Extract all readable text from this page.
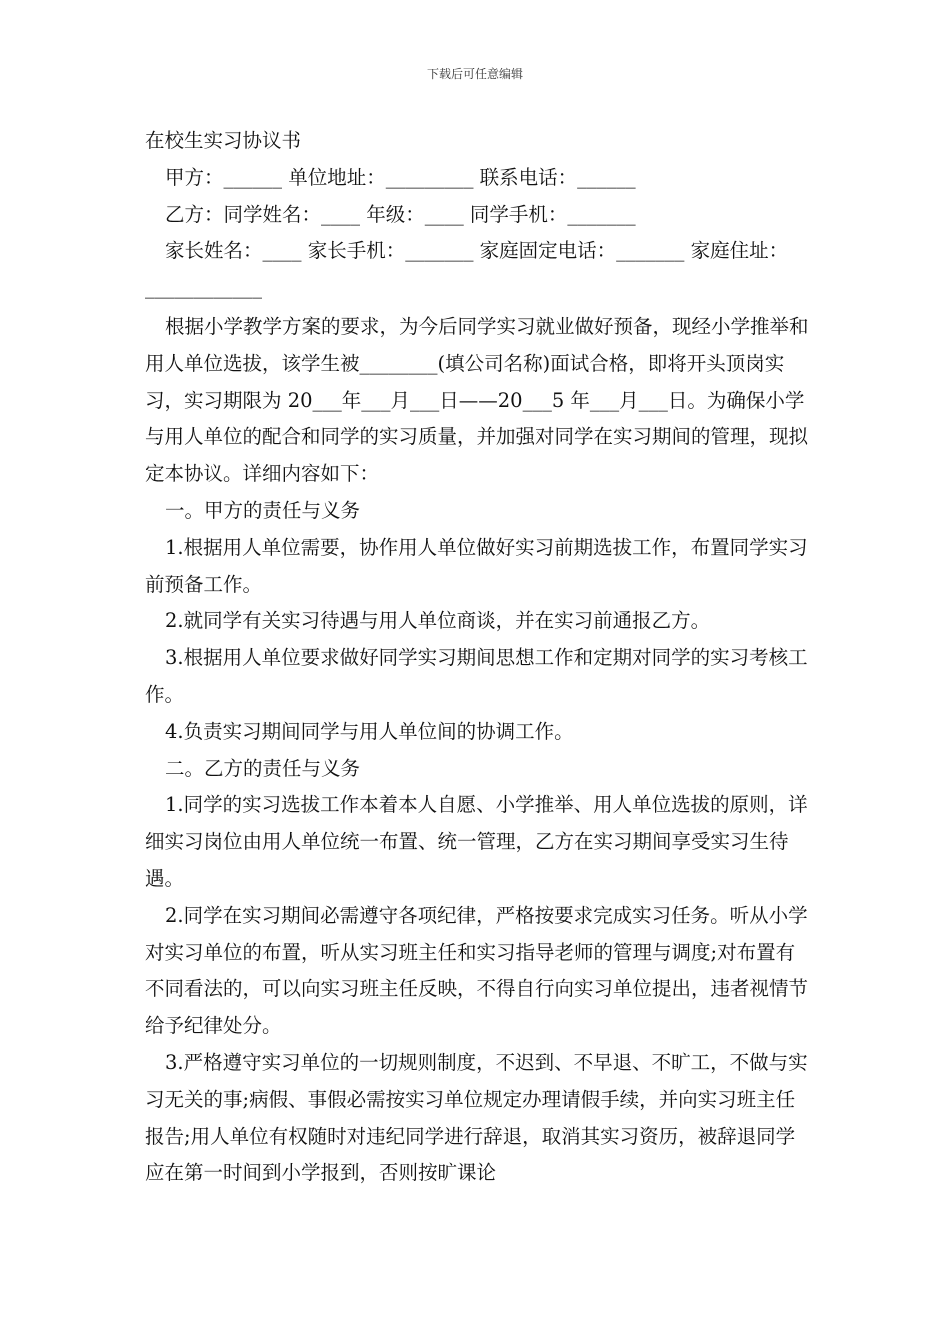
下载后可任意编辑

在校生实习协议书

甲方：______ 单位地址：_________ 联系电话：______

乙方：同学姓名：____ 年级：____ 同学手机：_______

家长姓名：____ 家长手机：_______ 家庭固定电话：_______ 家庭住址：____________

根据小学教学方案的要求，为今后同学实习就业做好预备，现经小学推举和用人单位选拔，该学生被________(填公司名称)面试合格，即将开头顶岗实习，实习期限为 20___年___月___日——20___5 年___月___日。为确保小学与用人单位的配合和同学的实习质量，并加强对同学在实习期间的管理，现拟定本协议。详细内容如下：

一。甲方的责任与义务

1.根据用人单位需要，协作用人单位做好实习前期选拔工作，布置同学实习前预备工作。

2.就同学有关实习待遇与用人单位商谈，并在实习前通报乙方。

3.根据用人单位要求做好同学实习期间思想工作和定期对同学的实习考核工作。

4.负责实习期间同学与用人单位间的协调工作。

二。乙方的责任与义务

1.同学的实习选拔工作本着本人自愿、小学推举、用人单位选拔的原则，详细实习岗位由用人单位统一布置、统一管理，乙方在实习期间享受实习生待遇。

2.同学在实习期间必需遵守各项纪律，严格按要求完成实习任务。听从小学对实习单位的布置，听从实习班主任和实习指导老师的管理与调度;对布置有不同看法的，可以向实习班主任反映，不得自行向实习单位提出，违者视情节给予纪律处分。

3.严格遵守实习单位的一切规则制度，不迟到、不早退、不旷工，不做与实习无关的事;病假、事假必需按实习单位规定办理请假手续，并向实习班主任报告;用人单位有权随时对违纪同学进行辞退，取消其实习资历，被辞退同学应在第一时间到小学报到，否则按旷课论
